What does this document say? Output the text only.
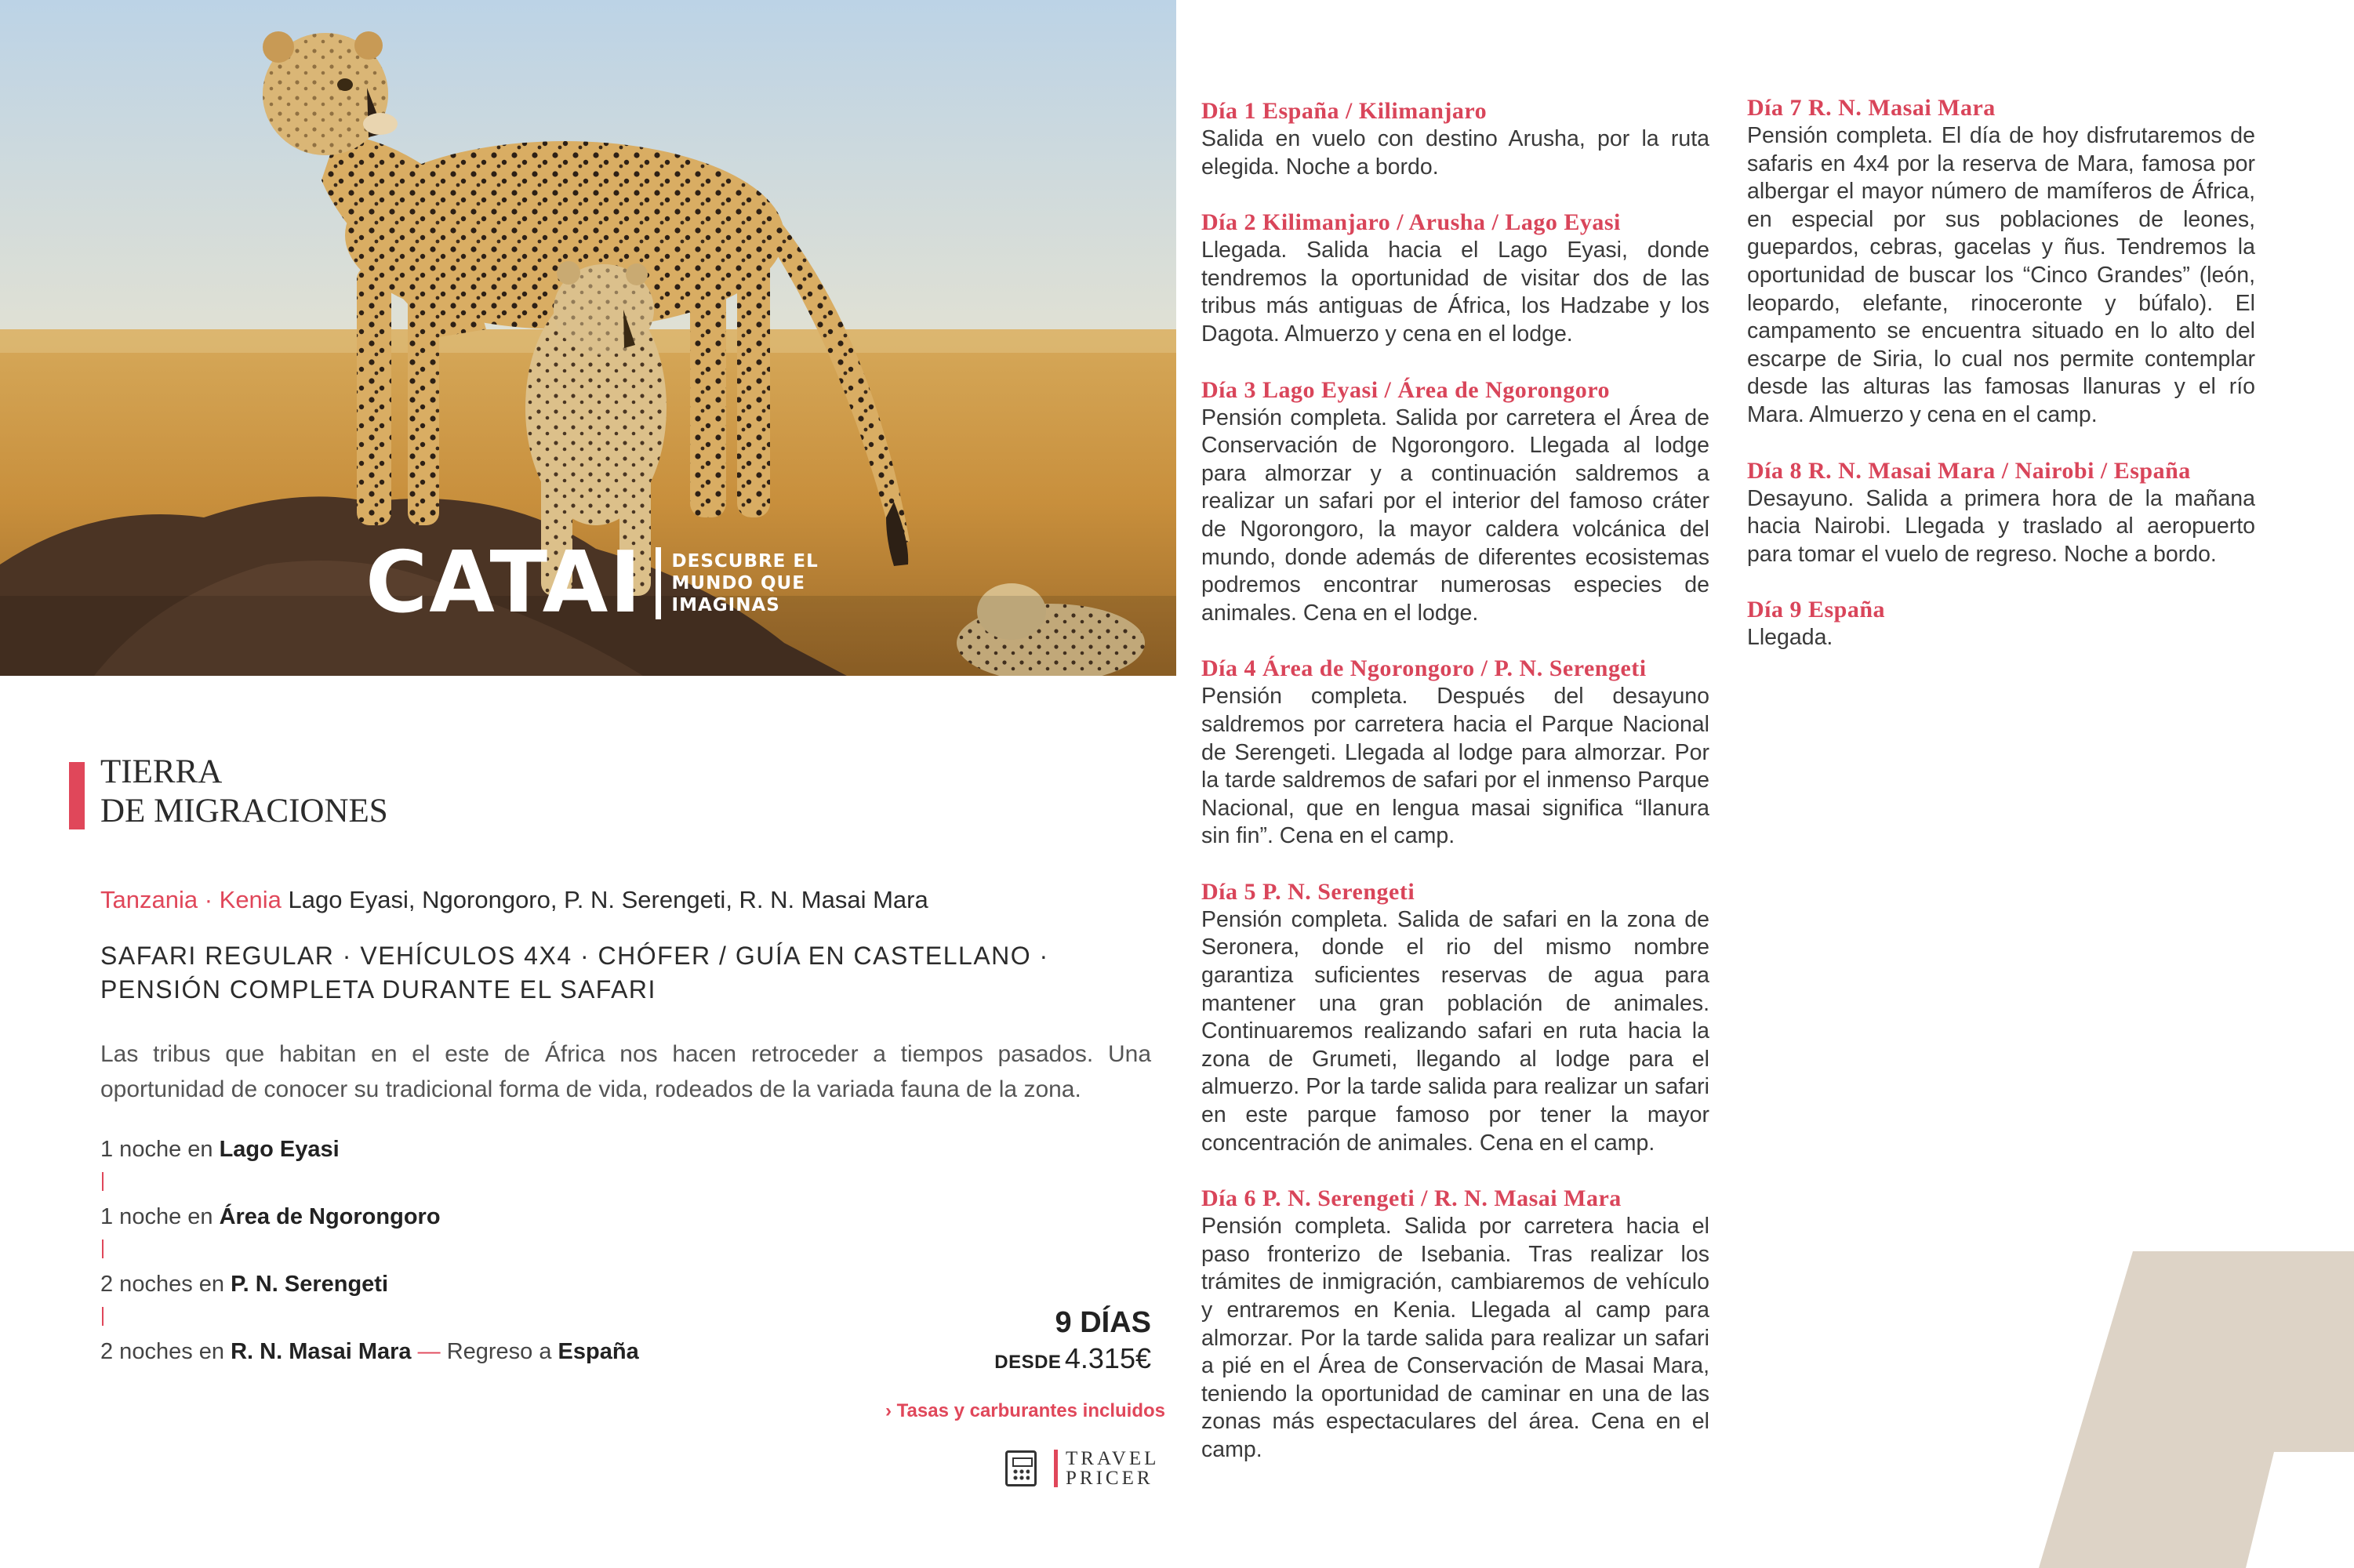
CATAI DESCUBRE EL
MUNDO QUE
IMAGINAS
TIERRA
DE MIGRACIONES
Tanzania · Kenia Lago Eyasi, Ngorongoro, P. N. Serengeti, R. N. Masai Mara
SAFARI REGULAR · VEHÍCULOS 4X4 · CHÓFER / GUÍA EN CASTELLANO · PENSIÓN COMPLETA DURANTE EL SAFARI
Las tribus que habitan en el este de África nos hacen retroceder a tiempos pasados. Una oportunidad de conocer su tradicional forma de vida, rodeados de la variada fauna de la zona.
1 noche en Lago Eyasi
1 noche en Área de Ngorongoro
2 noches en P. N. Serengeti
2 noches en R. N. Masai Mara — Regreso a España
9 DÍAS
DESDE 4.315€
› Tasas y carburantes incluidos
TRAVEL
PRICER
Día 1 España / Kilimanjaro
Salida en vuelo con destino Arusha, por la ruta elegida. Noche a bordo.
Día 2 Kilimanjaro / Arusha / Lago Eyasi
Llegada. Salida hacia el Lago Eyasi, donde tendremos la oportunidad de visitar dos de las tribus más antiguas de África, los Hadzabe y los Dagota. Almuerzo y cena en el lodge.
Día 3 Lago Eyasi / Área de Ngorongoro
Pensión completa. Salida por carretera el Área de Conservación de Ngorongoro. Llegada al lodge para almorzar y a continuación saldremos a realizar un safari por el interior del famoso cráter de Ngorongoro, la mayor caldera volcánica del mundo, donde además de diferentes ecosistemas podremos encontrar numerosas especies de animales. Cena en el lodge.
Día 4 Área de Ngorongoro / P. N. Serengeti
Pensión completa. Después del desayuno saldremos por carretera hacia el Parque Nacional de Serengeti. Llegada al lodge para almorzar. Por la tarde saldremos de safari por el inmenso Parque Nacional, que en lengua masai significa “llanura sin fin”. Cena en el camp.
Día 5 P. N. Serengeti
Pensión completa. Salida de safari en la zona de Seronera, donde el rio del mismo nombre garantiza suficientes reservas de agua para mantener una gran población de animales. Continuaremos realizando safari en ruta hacia la zona de Grumeti, llegando al lodge para el almuerzo. Por la tarde salida para realizar un safari en este parque famoso por tener la mayor concentración de animales. Cena en el camp.
Día 6 P. N. Serengeti / R. N. Masai Mara
Pensión completa. Salida por carretera hacia el paso fronterizo de Isebania. Tras realizar los trámites de inmigración, cambiaremos de vehículo y entraremos en Kenia. Llegada al camp para almorzar. Por la tarde salida para realizar un safari a pié en el Área de Conservación de Masai Mara, teniendo la oportunidad de caminar en una de las zonas más espectaculares del área. Cena en el camp.
Día 7 R. N. Masai Mara
Pensión completa. El día de hoy disfrutaremos de safaris en 4x4 por la reserva de Mara, famosa por albergar el mayor número de mamíferos de África, en especial por sus poblaciones de leones, guepardos, cebras, gacelas y ñus. Tendremos la oportunidad de buscar los “Cinco Grandes” (león, leopardo, elefante, rinoceronte y búfalo). El campamento se encuentra situado en lo alto del escarpe de Siria, lo cual nos permite contemplar desde las alturas las famosas llanuras y el río Mara. Almuerzo y cena en el camp.
Día 8 R. N. Masai Mara / Nairobi / España
Desayuno. Salida a primera hora de la mañana hacia Nairobi. Llegada y traslado al aeropuerto para tomar el vuelo de regreso. Noche a bordo.
Día 9 España
Llegada.
